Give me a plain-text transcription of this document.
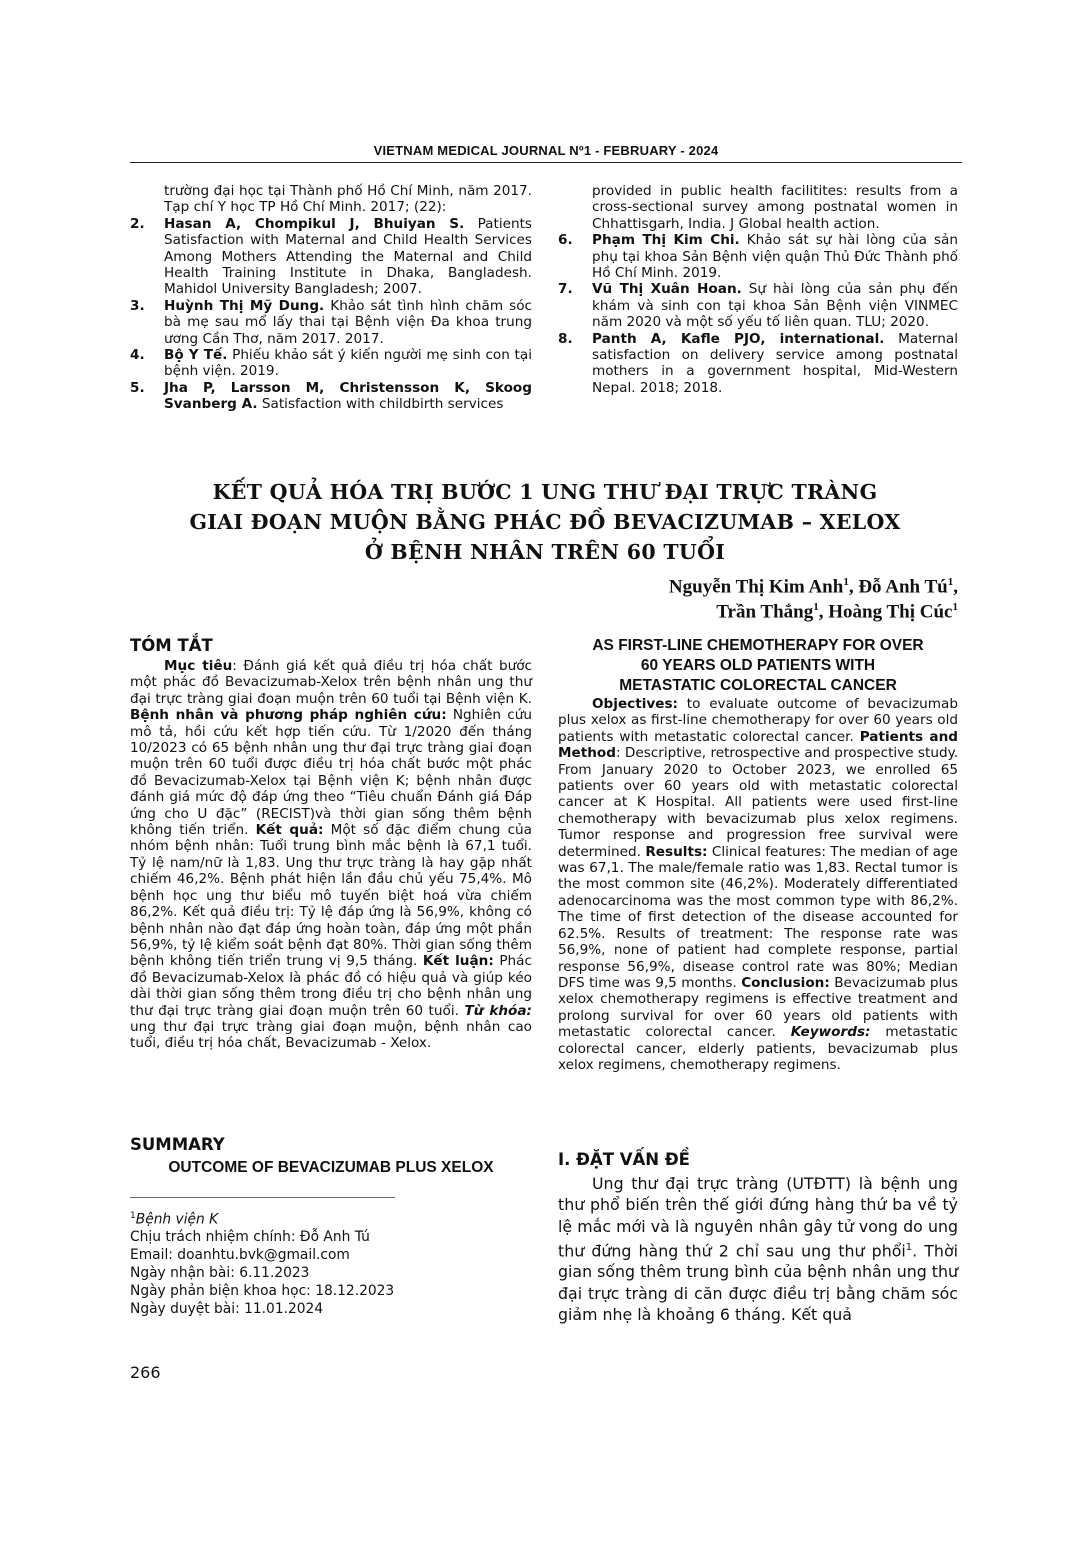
VIETNAM MEDICAL JOURNAL Nº1 - FEBRUARY - 2024

trường đại học tại Thành phố Hồ Chí Minh, năm 2017. Tạp chí Y học TP Hồ Chí Minh. 2017; (22):

2. Hasan A, Chompikul J, Bhuiyan S. Patients Satisfaction with Maternal and Child Health Services Among Mothers Attending the Maternal and Child Health Training Institute in Dhaka, Bangladesh. Mahidol University Bangladesh; 2007.

3. Huỳnh Thị Mỹ Dung. Khảo sát tình hình chăm sóc bà mẹ sau mổ lấy thai tại Bệnh viện Đa khoa trung ương Cần Thơ, năm 2017. 2017.

4. Bộ Y Tế. Phiếu khảo sát ý kiến người mẹ sinh con tại bệnh viện. 2019.

5. Jha P, Larsson M, Christensson K, Skoog Svanberg A. Satisfaction with childbirth services

provided in public health facilitites: results from a cross-sectional survey among postnatal women in Chhattisgarh, India. J Global health action.

6. Phạm Thị Kim Chi. Khảo sát sự hài lòng của sản phụ tại khoa Sản Bệnh viện quận Thủ Đức Thành phố Hồ Chí Minh. 2019.

7. Vũ Thị Xuân Hoan. Sự hài lòng của sản phụ đến khám và sinh con tại khoa Sản Bệnh viện VINMEC năm 2020 và một số yếu tố liên quan. TLU; 2020.

8. Panth A, Kafle PJO, international. Maternal satisfaction on delivery service among postnatal mothers in a government hospital, Mid-Western Nepal. 2018; 2018.

KẾT QUẢ HÓA TRỊ BƯỚC 1 UNG THƯ ĐẠI TRỰC TRÀNG
GIAI ĐOẠN MUỘN BẰNG PHÁC ĐỒ BEVACIZUMAB – XELOX
Ở BỆNH NHÂN TRÊN 60 TUỔI
Nguyễn Thị Kim Anh$^1$, Đỗ Anh $Tú^1$,
Trần Thắng$^1$, Hoàng Thị Cúc$^1$
TÓM TẮT

Mục tiêu: Đánh giá kết quả điều trị hóa chất bước một phác đồ Bevacizumab-Xelox trên bệnh nhân ung thư đại trực tràng giai đoạn muộn trên 60 tuổi tại Bệnh viện K. Bệnh nhân và phương pháp nghiên cứu: Nghiên cứu mô tả, hồi cứu kết hợp tiến cứu. Từ 1/2020 đến tháng 10/2023 có 65 bệnh nhân ung thư đại trực tràng giai đoạn muộn trên 60 tuổi được điều trị hóa chất bước một phác đồ Bevacizumab-Xelox tại Bệnh viện K; bệnh nhân được đánh giá mức độ đáp ứng theo “Tiêu chuẩn Đánh giá Đáp ứng cho U đặc” (RECIST)và thời gian sống thêm bệnh không tiến triển. Kết quả: Một số đặc điểm chung của nhóm bệnh nhân: Tuổi trung bình mắc bệnh là 67,1 tuổi. Tỷ lệ nam/nữ là 1,83. Ung thư trực tràng là hay gặp nhất chiếm 46,2%. Bệnh phát hiện lần đầu chủ yếu 75,4%. Mô bệnh học ung thư biểu mô tuyến biệt hoá vừa chiếm 86,2%. Kết quả điều trị: Tỷ lệ đáp ứng là 56,9%, không có bệnh nhân nào đạt đáp ứng hoàn toàn, đáp ứng một phần 56,9%, tỷ lệ kiểm soát bệnh đạt 80%. Thời gian sống thêm bệnh không tiến triển trung vị 9,5 tháng. Kết luận: Phác đồ Bevacizumab-Xelox là phác đồ có hiệu quả và giúp kéo dài thời gian sống thêm trong điều trị cho bệnh nhân ung thư đại trực tràng giai đoạn muộn trên 60 tuổi. Từ khóa: ung thư đại trực tràng giai đoạn muộn, bệnh nhân cao tuổi, điều trị hóa chất, Bevacizumab - Xelox.

SUMMARY
OUTCOME OF BEVACIZUMAB PLUS XELOX
AS FIRST-LINE CHEMOTHERAPY FOR OVER
60 YEARS OLD PATIENTS WITH
METASTATIC COLORECTAL CANCER

Objectives: to evaluate outcome of bevacizumab plus xelox as first-line chemotherapy for over 60 years old patients with metastatic colorectal cancer. Patients and Method: Descriptive, retrospective and prospective study. From January 2020 to October 2023, we enrolled 65 patients over 60 years old with metastatic colorectal cancer at K Hospital. All patients were used first-line chemotherapy with bevacizumab plus xelox regimens. Tumor response and progression free survival were determined. Results: Clinical features: The median of age was 67,1. The male/female ratio was 1,83. Rectal tumor is the most common site (46,2%). Moderately differentiated adenocarcinoma was the most common type with 86,2%. The time of first detection of the disease accounted for 62.5%. Results of treatment: The response rate was 56,9%, none of patient had complete response, partial response 56,9%, disease control rate was 80%; Median DFS time was 9,5 months. Conclusion: Bevacizumab plus xelox chemotherapy regimens is effective treatment and prolong survival for over 60 years old patients with metastatic colorectal cancer. Keywords: metastatic colorectal cancer, elderly patients, bevacizumab plus xelox regimens, chemotherapy regimens.

I. ĐẶT VẤN ĐỀ

Ung thư đại trực tràng (UTĐTT) là bệnh ung thư phổ biến trên thế giới đứng hàng thứ ba về tỷ lệ mắc mới và là nguyên nhân gây tử vong do ung thư đứng hàng thứ 2 chỉ sau ung thư phổi$^1$. Thời gian sống thêm trung bình của bệnh nhân ung thư đại trực tràng di căn được điều trị bằng chăm sóc giảm nhẹ là khoảng 6 tháng. Kết quả

$^1$Bệnh viện K
Chịu trách nhiệm chính: Đỗ Anh Tú
Email: doanhtu.bvk@gmail.com
Ngày nhận bài: 6.11.2023
Ngày phản biện khoa học: 18.12.2023
Ngày duyệt bài: 11.01.2024
266
